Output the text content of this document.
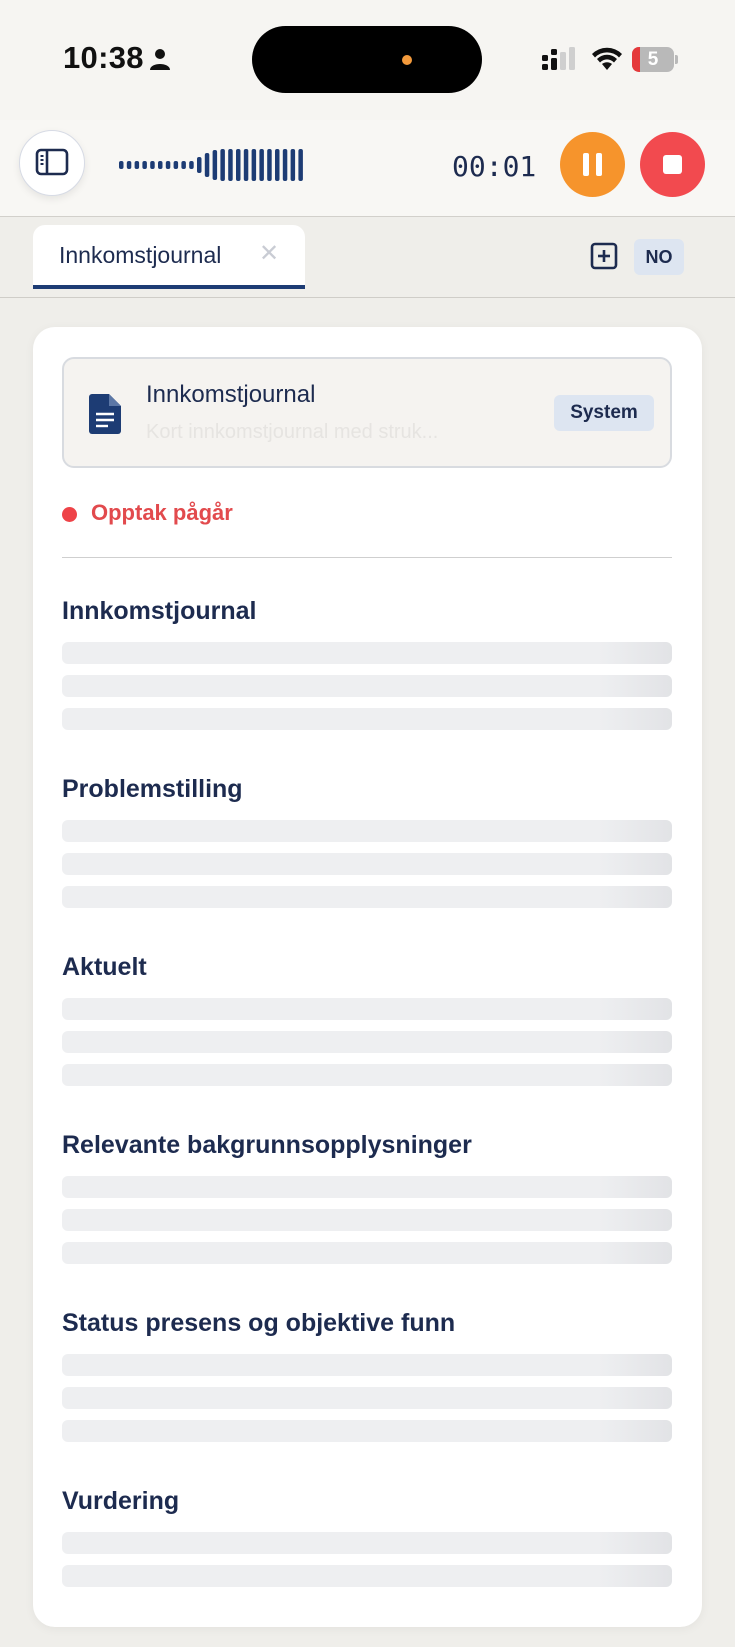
10:38	5
00:01
Innkomstjournal ✕	NO
Innkomstjournal
Kort innkomstjournal med struk...
System
Opptak pågår
Innkomstjournal
Problemstilling
Aktuelt
Relevante bakgrunnsopplysninger
Status presens og objektive funn
Vurdering
